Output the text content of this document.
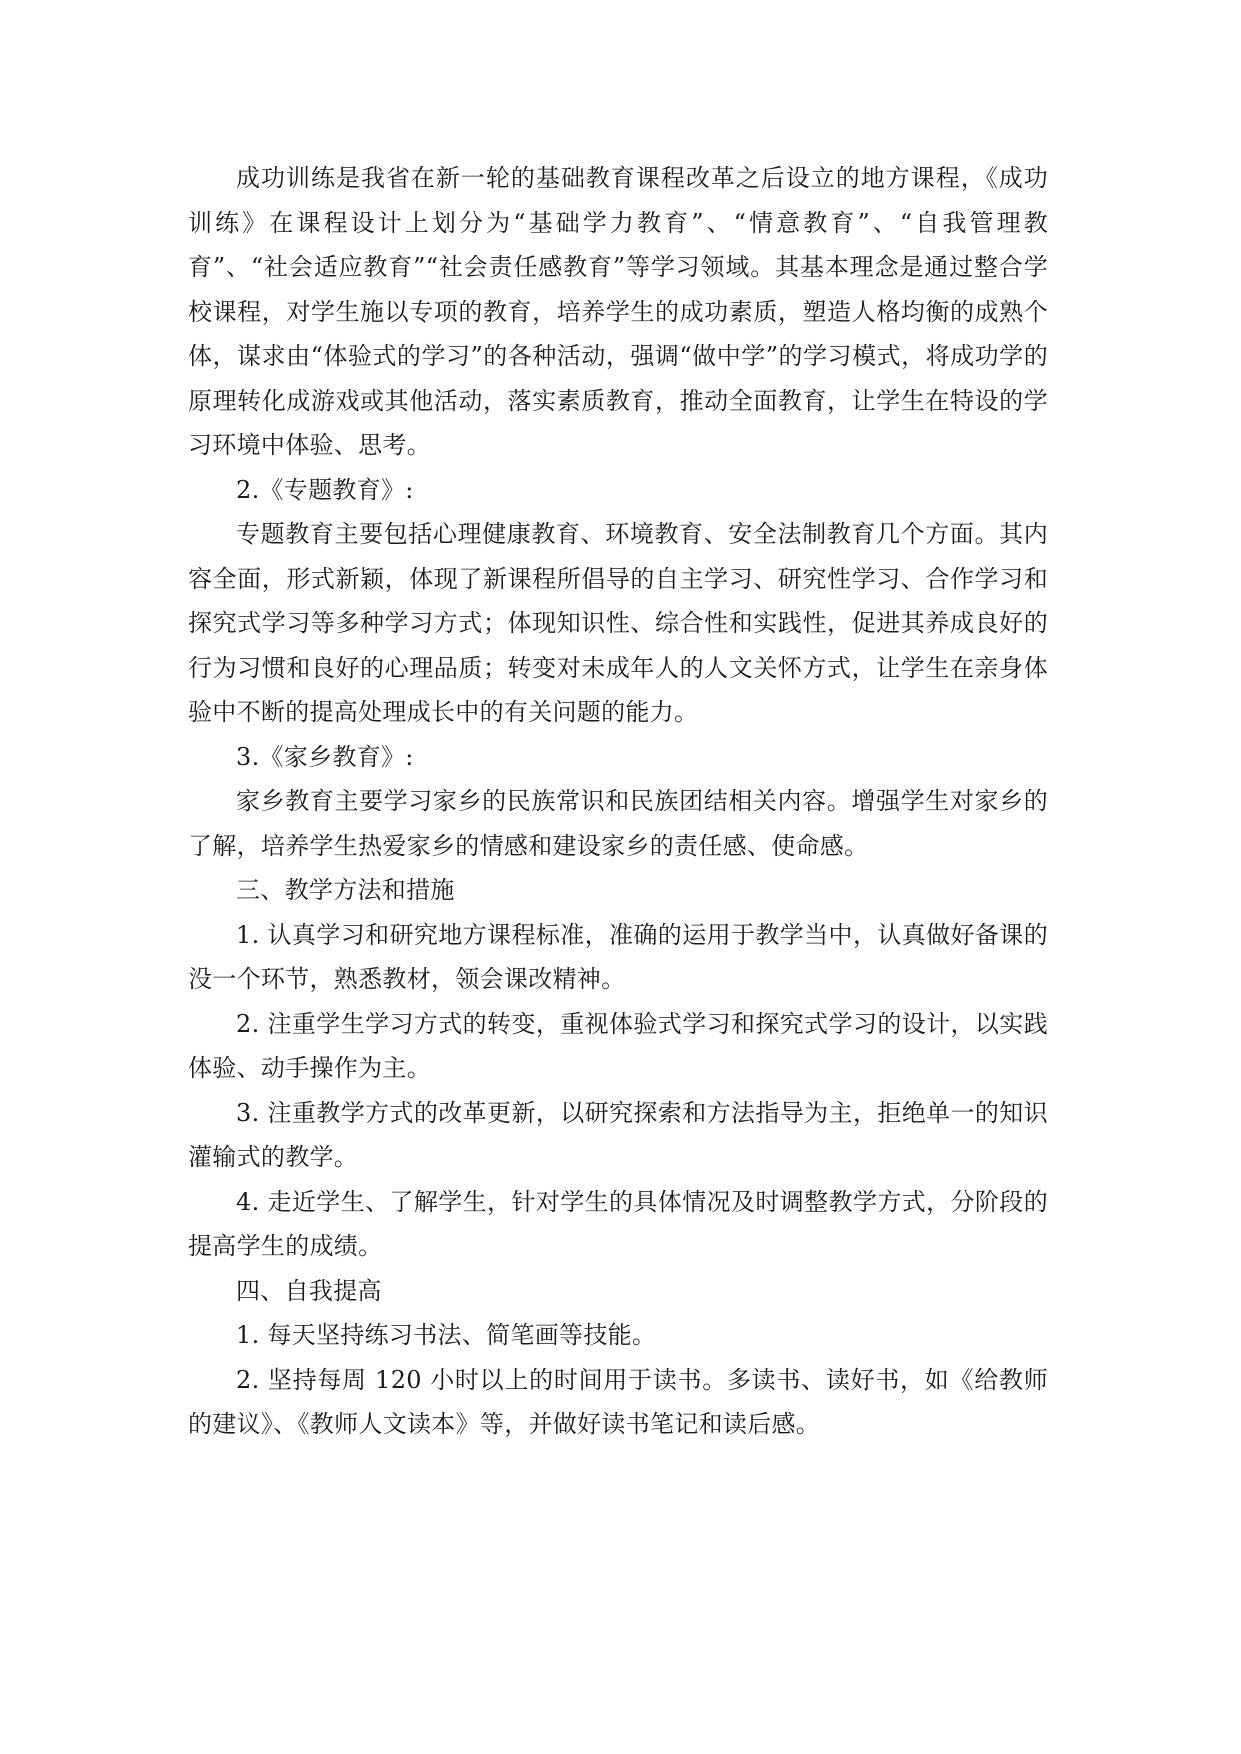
成功训练是我省在新一轮的基础教育课程改革之后设立的地方课程，《成功训练》在课程设计上划分为“基础学力教育”、“情意教育”、“自我管理教育”、“社会适应教育”“社会责任感教育”等学习领域。其基本理念是通过整合学校课程，对学生施以专项的教育，培养学生的成功素质，塑造人格均衡的成熟个体，谋求由“体验式的学习”的各种活动，强调“做中学”的学习模式，将成功学的原理转化成游戏或其他活动，落实素质教育，推动全面教育，让学生在特设的学习环境中体验、思考。

2.《专题教育》:

专题教育主要包括心理健康教育、环境教育、安全法制教育几个方面。其内容全面，形式新颖，体现了新课程所倡导的自主学习、研究性学习、合作学习和探究式学习等多种学习方式；体现知识性、综合性和实践性，促进其养成良好的行为习惯和良好的心理品质；转变对未成年人的人文关怀方式，让学生在亲身体验中不断的提高处理成长中的有关问题的能力。

3.《家乡教育》:

家乡教育主要学习家乡的民族常识和民族团结相关内容。增强学生对家乡的了解，培养学生热爱家乡的情感和建设家乡的责任感、使命感。

三、教学方法和措施

1. 认真学习和研究地方课程标准，准确的运用于教学当中，认真做好备课的没一个环节，熟悉教材，领会课改精神。

2. 注重学生学习方式的转变，重视体验式学习和探究式学习的设计，以实践体验、动手操作为主。

3. 注重教学方式的改革更新，以研究探索和方法指导为主，拒绝单一的知识灌输式的教学。

4. 走近学生、了解学生，针对学生的具体情况及时调整教学方式，分阶段的提高学生的成绩。

四、自我提高

1. 每天坚持练习书法、简笔画等技能。

2. 坚持每周 120 小时以上的时间用于读书。多读书、读好书，如《给教师的建议》、《教师人文读本》等，并做好读书笔记和读后感。
